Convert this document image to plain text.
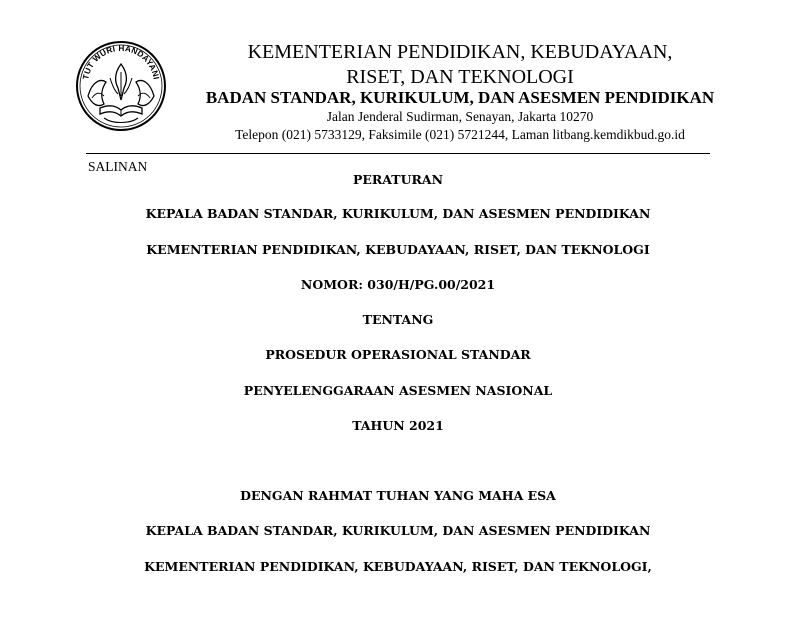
TUT WURI HANDAYANI
KEMENTERIAN PENDIDIKAN, KEBUDAYAAN,
RISET, DAN TEKNOLOGI
BADAN STANDAR, KURIKULUM, DAN ASESMEN PENDIDIKAN
Jalan Jenderal Sudirman, Senayan, Jakarta 10270
Telepon (021) 5733129, Faksimile (021) 5721244, Laman litbang.kemdikbud.go.id
SALINAN
PERATURAN
KEPALA BADAN STANDAR, KURIKULUM, DAN ASESMEN PENDIDIKAN
KEMENTERIAN PENDIDIKAN, KEBUDAYAAN, RISET, DAN TEKNOLOGI
NOMOR: 030/H/PG.00/2021
TENTANG
PROSEDUR OPERASIONAL STANDAR
PENYELENGGARAAN ASESMEN NASIONAL
TAHUN 2021
DENGAN RAHMAT TUHAN YANG MAHA ESA
KEPALA BADAN STANDAR, KURIKULUM, DAN ASESMEN PENDIDIKAN
KEMENTERIAN PENDIDIKAN, KEBUDAYAAN, RISET, DAN TEKNOLOGI,
